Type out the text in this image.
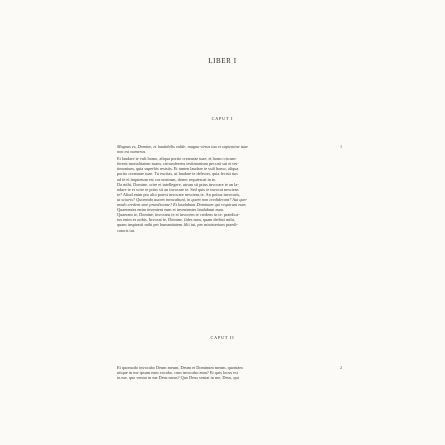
LIBER I
CAPUT I
Magnus es, Domine, et laudabilis valde: magna virtus tua et sapientiae tuae
non est numerus.
Et laudare te vult homo, aliqua portio creaturae tuae, et homo circum-
ferens mortalitatem suam, circumferens testimonium peccati sui et tes-
timonium, quia superbis resistis. Et tamen laudare te vult homo, aliqua
portio creaturae tuae. Tu excitas, ut laudare te delectet, quia fecisti nos
ad te et inquietum est cor nostrum, donec requiescat in te.
Da mihi, Domine, scire et intellegere, utrum sit prius invocare te an la-
udare te et scire te prius sit an invocare te. Sed quis te invocat nesciens
te? Aliud enim pro alio potest invocare nesciens te. An potius invocaris,
ut sciaris? Quomodo autem invocabunt, in quem non crediderunt? Aut quo-
modo credent sine praedicante? Et laudabunt Dominum qui requirunt eum.
Quaerentes enim invenient eum et invenientes laudabunt eum.
Quaeram te, Domine, invocans te et invocem te credens in te: praedica-
tus enim es nobis. Invocat te, Domine, fides mea, quam dedisti mihi,
quam inspirasti mihi per humanitatem filii tui, per ministerium praedi-
catoris tui.
1
CAPUT II
Et quomodo invocabo Deum meum, Deum et Dominum meum, quoniam
utique in me ipsum eum vocabo, cum invocabo eum? Et quis locus est
in me, quo veniat in me Deus meus? Quo Deus veniat in me, Deus, qui
2
